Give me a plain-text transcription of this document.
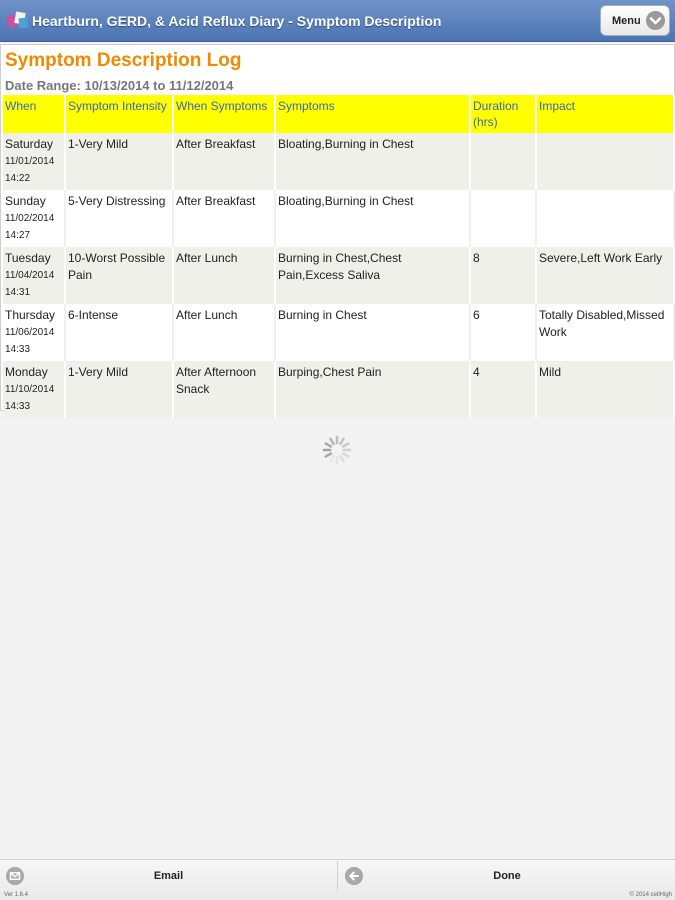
Heartburn, GERD, & Acid Reflux Diary - Symptom Description	Menu
Symptom Description Log
Date Range: 10/13/2014 to 11/12/2014
When	Symptom Intensity	When Symptoms	Symptoms	Duration (hrs)	Impact

Saturday
11/01/2014
14:22	1-Very Mild	After Breakfast	Bloating,Burning in Chest		

Sunday
11/02/2014
14:27	5-Very Distressing	After Breakfast	Bloating,Burning in Chest		

Tuesday
11/04/2014
14:31	10-Worst Possible Pain	After Lunch	Burning in Chest,Chest Pain,Excess Saliva	8	Severe,Left Work Early

Thursday
11/06/2014
14:33	6-Intense	After Lunch	Burning in Chest	6	Totally Disabled,Missed Work

Monday
11/10/2014
14:33	1-Very Mild	After Afternoon Snack	Burping,Chest Pain	4	Mild
Email	Done
Ver 1.6.4	© 2014 cellHigh
